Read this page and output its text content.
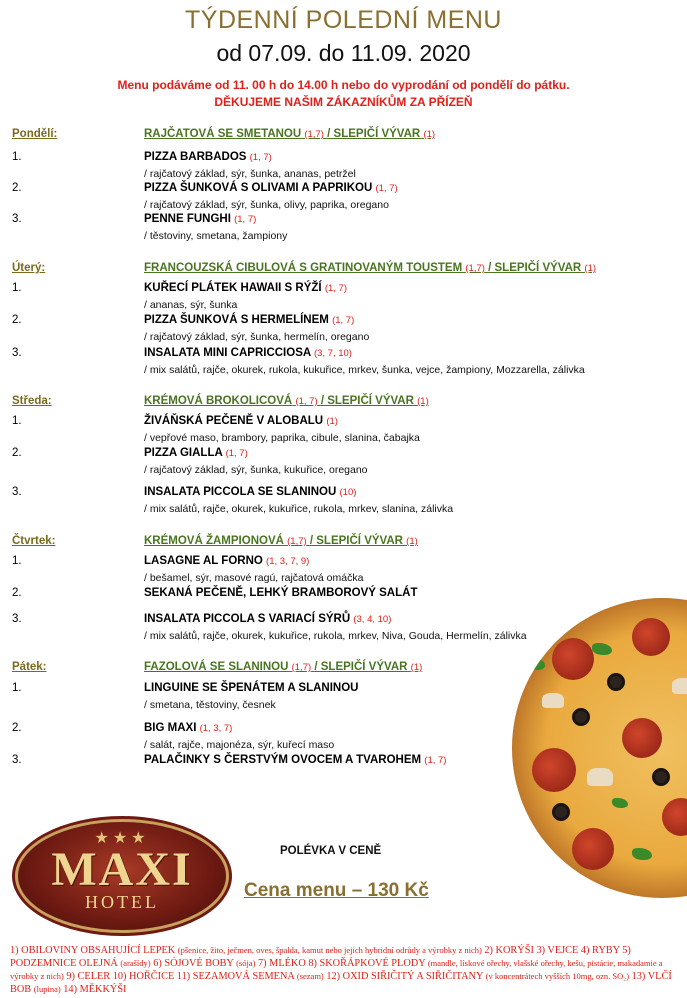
TÝDENNÍ POLEDNÍ MENU
od 07.09. do 11.09. 2020
Menu podáváme od 11. 00 h do 14.00 h nebo do vyprodání od pondělí do pátku.
DĚKUJEME NAŠIM ZÁKAZNÍKŮM ZA PŘÍZEŇ
Pondělí:	RAJČATOVÁ SE SMETANOU (1,7) / SLEPIČÍ VÝVAR (1)
1.	PIZZA BARBADOS (1, 7)
/ rajčatový základ, sýr, šunka, ananas, petržel
2.	PIZZA ŠUNKOVÁ S OLIVAMI A PAPRIKOU (1, 7)
/ rajčatový základ, sýr, šunka, olivy, paprika, oregano
3.	PENNE FUNGHI (1, 7)
/ těstoviny, smetana, žampiony
Úterý:	FRANCOUZSKÁ CIBULOVÁ S GRATINOVANÝM TOUSTEM (1,7) / SLEPIČÍ VÝVAR (1)
1.	KUŘECÍ PLÁTEK HAWAII S RÝŽÍ (1, 7)
/ ananas, sýr, šunka
2.	PIZZA ŠUNKOVÁ S HERMELÍNEM (1, 7)
/ rajčatový základ, sýr, šunka, hermelín, oregano
3.	INSALATA MINI CAPRICCIOSA (3, 7, 10)
/ mix salátů, rajče, okurek, rukola, kukuřice, mrkev, šunka, vejce, žampiony, Mozzarella, zálivka
Středa:	KRÉMOVÁ BROKOLICOVÁ (1, 7) / SLEPIČÍ VÝVAR (1)
1.	ŽIVÁŇSKÁ PEČENĚ V ALOBALU (1)
/ vepřové maso, brambory, paprika, cibule, slanina, čabajka
2.	PIZZA GIALLA (1, 7)
/ rajčatový základ, sýr, šunka, kukuřice, oregano
3.	INSALATA PICCOLA SE SLANINOU (10)
/ mix salátů, rajče, okurek, kukuřice, rukola, mrkev, slanina, zálivka
Čtvrtek:	KRÉMOVÁ ŽAMPIONOVÁ (1,7) / SLEPIČÍ VÝVAR (1)
1.	LASAGNE AL FORNO (1, 3, 7, 9)
/ bešamel, sýr, masové ragú, rajčatová omáčka
2.	SEKANÁ PEČENĚ, LEHKÝ BRAMBOROVÝ SALÁT
3.	INSALATA PICCOLA S VARIACÍ SÝRŮ (3, 4, 10)
/ mix salátů, rajče, okurek, kukuřice, rukola, mrkev, Niva, Gouda, Hermelín, zálivka
Pátek:	FAZOLOVÁ SE SLANINOU (1,7) / SLEPIČÍ VÝVAR (1)
1.	LINGUINE SE ŠPENÁTEM A SLANINOU
/ smetana, těstoviny, česnek
2.	BIG MAXI (1, 3, 7)
/ salát, rajče, majonéza, sýr, kuřecí maso
3.	PALAČINKY S ČERSTVÝM OVOCEM A TVAROHEM (1, 7)
★★★
MAXI
HOTEL
POLÉVKA V CENĚ
Cena menu – 130 Kč
1) OBILOVINY OBSAHUJÍCÍ LEPEK (pšenice, žito, ječmen, oves, špalda, kamut nebo jejich hybridní odrůdy a výrobky z nich) 2) KORÝŠI 3) VEJCE 4) RYBY 5) PODZEMNICE OLEJNÁ (arašídy) 6) SÓJOVÉ BOBY (sója) 7) MLÉKO 8) SKOŘÁPKOVÉ PLODY (mandle, lískové ořechy, vlašské ořechy, kešu, pistácie, makadamie a výrobky z nich) 9) CELER 10) HOŘČICE 11) SEZAMOVÁ SEMENA (sezam) 12) OXID SIŘIČITÝ A SIŘIČITANY (v koncentrátech vyšších 10mg, ozn. SO₂) 13) VLČÍ BOB (lupina) 14) MĚKKÝŠI
